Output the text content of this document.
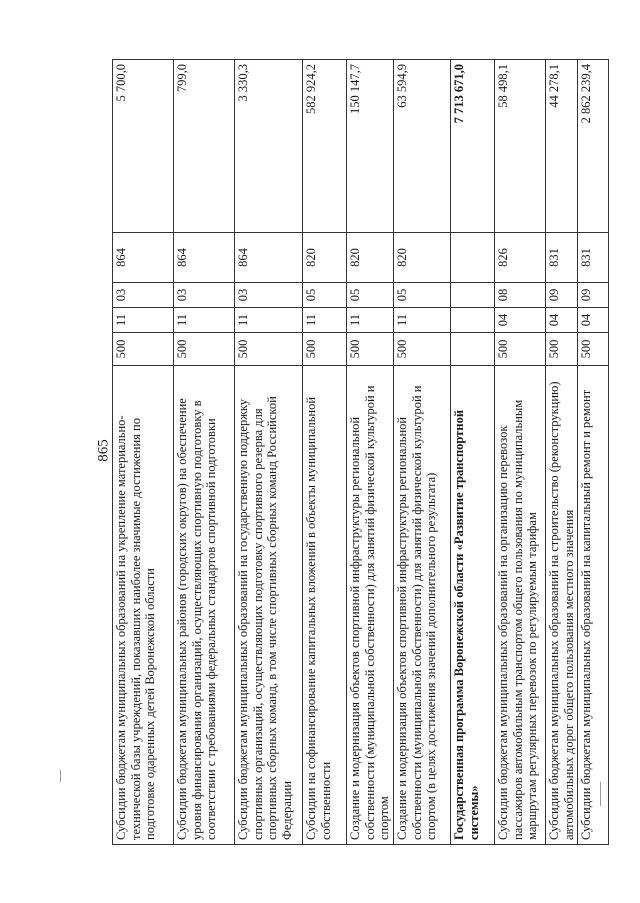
865 Субсидии бюджетам муниципальных образований на укрепление материально-технической базы учреждений, показавших наиболее значимые достижения по подготовке одаренных детей Воронежской области	500	11	03	864	5 700,0
Субсидии бюджетам муниципальных районов (городских округов) на обеспечение уровня финансирования организаций, осуществляющих спортивную подготовку в соответствии с требованиями федеральных стандартов спортивной подготовки	500	11	03	864	799,0
Субсидии бюджетам муниципальных образований на государственную поддержку спортивных организаций, осуществляющих подготовку спортивного резерва для спортивных сборных команд, в том числе спортивных сборных команд Российской Федерации	500	11	03	864	3 330,3
Субсидии на софинансирование капитальных вложений в объекты муниципальной собственности	500	11	05	820	582 924,2
Создание и модернизация объектов спортивной инфраструктуры региональной собственности (муниципальной собственности) для занятий физической культурой и спортом	500	11	05	820	150 147,7
Создание и модернизация объектов спортивной инфраструктуры региональной собственности (муниципальной собственности) для занятий физической культурой и спортом (в целях достижения значений дополнительного результата)	500	11	05	820	63 594,9
Государственная программа Воронежской области «Развитие транспортной системы»					7 713 671,0
Субсидии бюджетам муниципальных образований на организацию перевозок пассажиров автомобильным транспортом общего пользования по муниципальным маршрутам регулярных перевозок по регулируемым тарифам	500	04	08	826	58 498,1
Субсидии бюджетам муниципальных образований на строительство (реконструкцию) автомобильных дорог общего пользования местного значения	500	04	09	831	44 278,1
Субсидии бюджетам муниципальных образований на капитальный ремонт и ремонт	500	04	09	831	2 862 239,4
